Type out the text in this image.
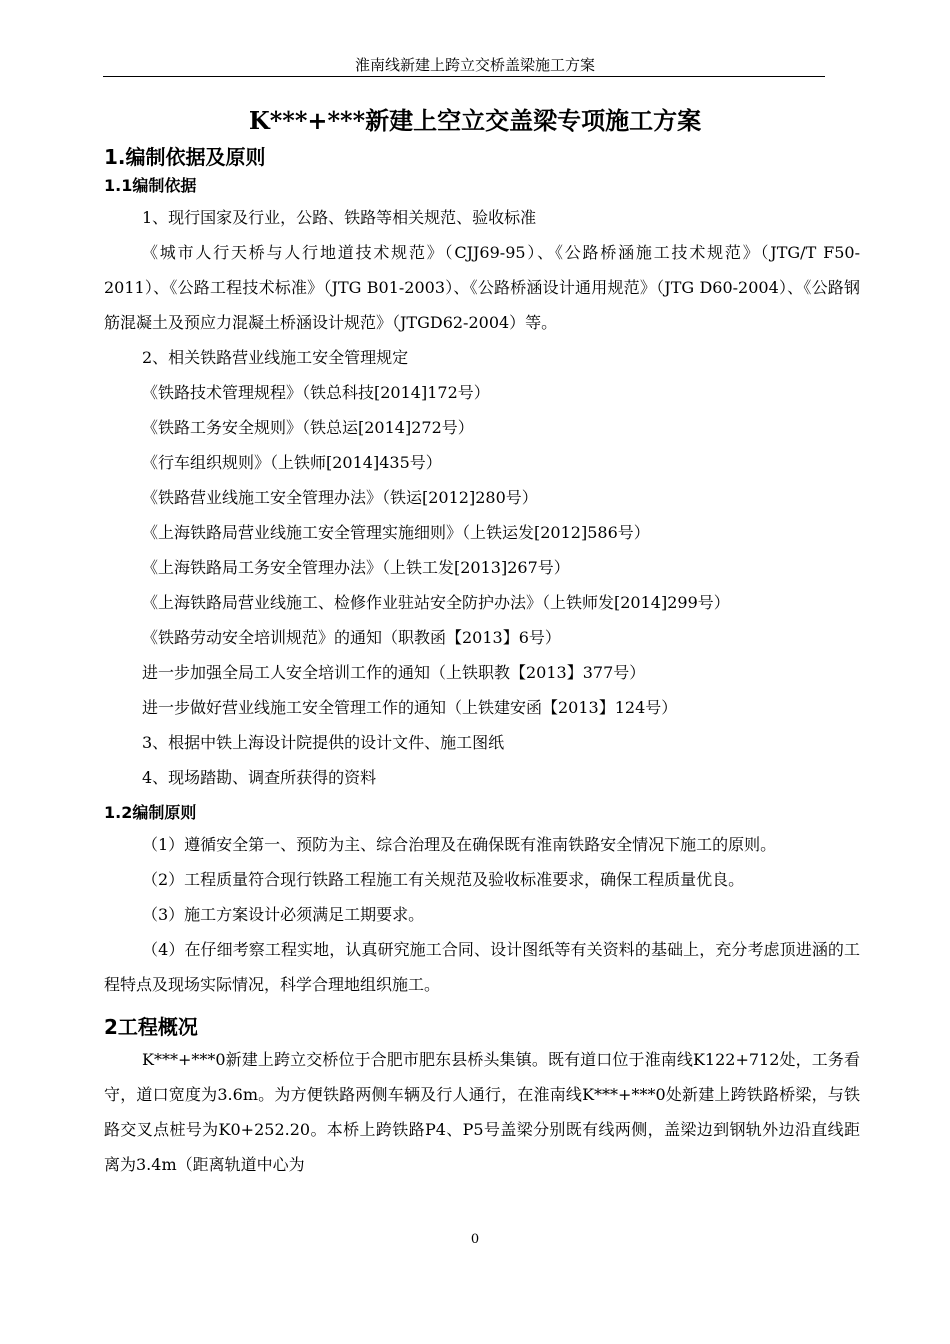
淮南线新建上跨立交桥盖梁施工方案
K***+***新建上空立交盖梁专项施工方案
1.编制依据及原则
1.1编制依据

1、现行国家及行业，公路、铁路等相关规范、验收标准

《城市人行天桥与人行地道技术规范》（CJJ69-95）、《公路桥涵施工技术规范》（JTG/T F50-2011）、《公路工程技术标准》（JTG B01-2003）、《公路桥涵设计通用规范》（JTG D60-2004）、《公路钢筋混凝土及预应力混凝土桥涵设计规范》（JTGD62-2004）等。

2、相关铁路营业线施工安全管理规定

《铁路技术管理规程》（铁总科技[2014]172号）

《铁路工务安全规则》（铁总运[2014]272号）

《行车组织规则》（上铁师[2014]435号）

《铁路营业线施工安全管理办法》（铁运[2012]280号）

《上海铁路局营业线施工安全管理实施细则》（上铁运发[2012]586号）

《上海铁路局工务安全管理办法》（上铁工发[2013]267号）

《上海铁路局营业线施工、检修作业驻站安全防护办法》（上铁师发[2014]299号）

《铁路劳动安全培训规范》的通知（职教函【2013】6号）

进一步加强全局工人安全培训工作的通知（上铁职教【2013】377号）

进一步做好营业线施工安全管理工作的通知（上铁建安函【2013】124号）

3、根据中铁上海设计院提供的设计文件、施工图纸

4、现场踏勘、调查所获得的资料

1.2编制原则

（1）遵循安全第一、预防为主、综合治理及在确保既有淮南铁路安全情况下施工的原则。

（2）工程质量符合现行铁路工程施工有关规范及验收标准要求，确保工程质量优良。

（3）施工方案设计必须满足工期要求。

（4）在仔细考察工程实地，认真研究施工合同、设计图纸等有关资料的基础上，充分考虑顶进涵的工程特点及现场实际情况，科学合理地组织施工。

2工程概况

K***+***0新建上跨立交桥位于合肥市肥东县桥头集镇。既有道口位于淮南线K122+712处，工务看守，道口宽度为3.6m。为方便铁路两侧车辆及行人通行，在淮南线K***+***0处新建上跨铁路桥梁，与铁路交叉点桩号为K0+252.20。本桥上跨铁路P4、P5号盖梁分别既有线两侧，盖梁边到钢轨外边沿直线距离为3.4m（距离轨道中心为

0
